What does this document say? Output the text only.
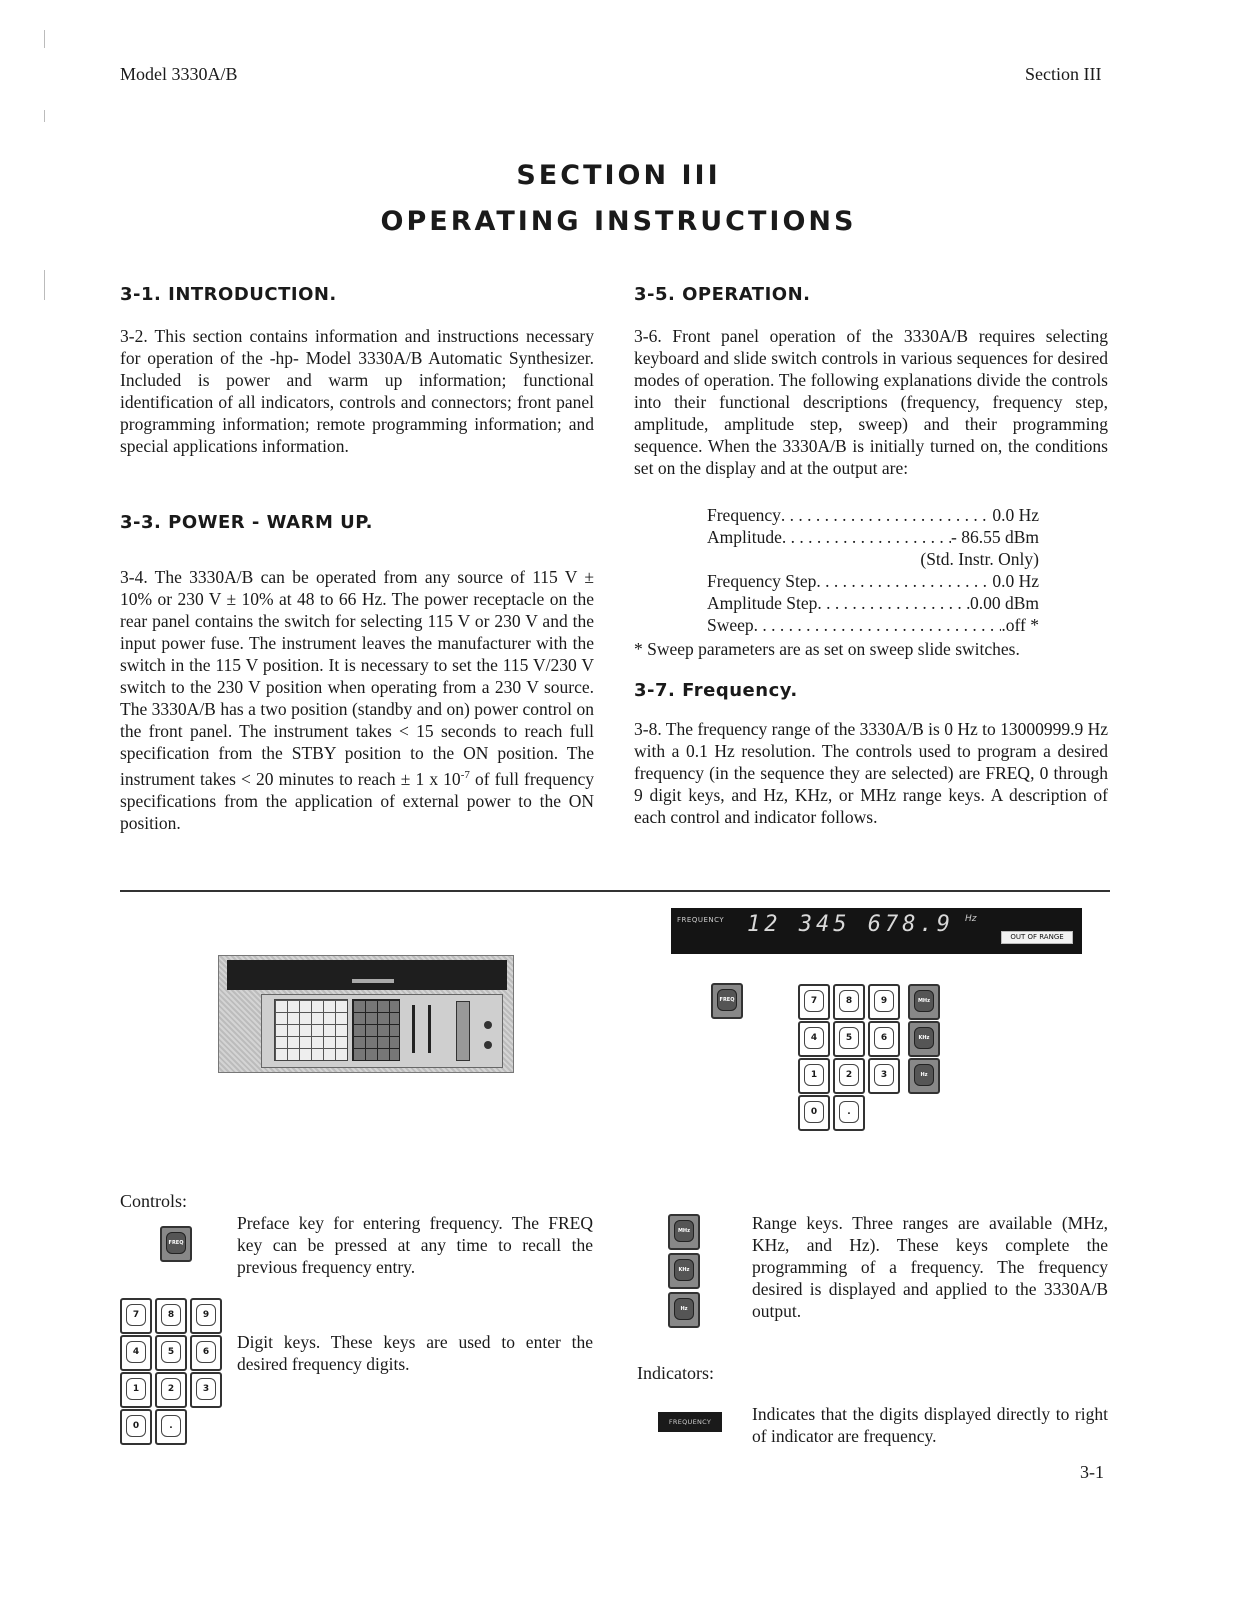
Model 3330A/B	Section III
SECTION III
OPERATING INSTRUCTIONS
3-1. INTRODUCTION.
3-2. This section contains information and instructions necessary for operation of the -hp- Model 3330A/B Automatic Synthesizer. Included is power and warm up information; functional identification of all indicators, controls and connectors; front panel programming information; remote programming information; and special applications information.
3-3. POWER - WARM UP.
3-4. The 3330A/B can be operated from any source of 115 V ± 10% or 230 V ± 10% at 48 to 66 Hz. The power receptacle on the rear panel contains the switch for selecting 115 V or 230 V and the input power fuse. The instrument leaves the manufacturer with the switch in the 115 V position. It is necessary to set the 115 V/230 V switch to the 230 V position when operating from a 230 V source. The 3330A/B has a two position (standby and on) power control on the front panel. The instrument takes < 15 seconds to reach full specification from the STBY position to the ON position. The instrument takes < 20 minutes to reach ± 1 x $10^{-7}$ of full frequency specifications from the application of external power to the ON position.
3-5. OPERATION.
3-6. Front panel operation of the 3330A/B requires selecting keyboard and slide switch controls in various sequences for desired modes of operation. The following explanations divide the controls into their functional descriptions (frequency, frequency step, amplitude, amplitude step, sweep) and their programming sequence. When the 3330A/B is initially turned on, the conditions set on the display and at the output are:
Frequency . . .	0.0 Hz
Amplitude . . .	- 86.55 dBm
(Std. Instr. Only)
Frequency Step . . .	0.0 Hz
Amplitude Step . . .	0.00 dBm
Sweep . . .	.off *
* Sweep parameters are as set on sweep slide switches.
3-7. Frequency.
3-8. The frequency range of the 3330A/B is 0 Hz to 13000999.9 Hz with a 0.1 Hz resolution. The controls used to program a desired frequency (in the sequence they are selected) are FREQ, 0 through 9 digit keys, and Hz, KHz, or MHz range keys. A description of each control and indicator follows.
FREQUENCY 12 345 678.9 Hz
OUT OF RANGE
FREQ	7	8	9	MHz
4	5	6	KHz
1	2	3	Hz
0	.
Controls:
FREQ
Preface key for entering frequency. The FREQ key can be pressed at any time to recall the previous frequency entry.
7	8	9
4	5	6
1	2	3
0	.
Digit keys. These keys are used to enter the desired frequency digits.
MHz
KHz
Hz
Range keys. Three ranges are available (MHz, KHz, and Hz). These keys complete the programming of a frequency. The frequency desired is displayed and applied to the 3330A/B output.
Indicators:
FREQUENCY	Indicates that the digits displayed directly to right of indicator are frequency.
3-1
